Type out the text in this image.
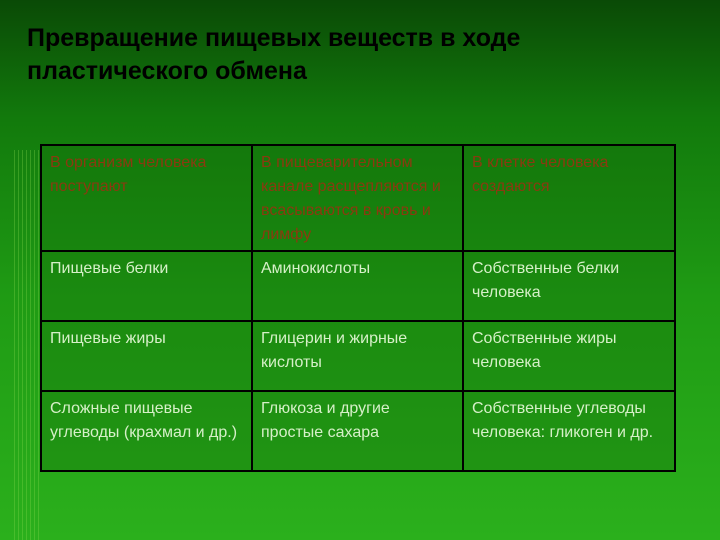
Превращение пищевых веществ в ходе пластического обмена
В организм человека поступают	В пищеварительном канале расщепляются и всасываются в кровь и лимфу	В клетке человека создаются
Пищевые белки	Аминокислоты	Собственные белки человека
Пищевые жиры	Глицерин и жирные кислоты	Собственные жиры человека
Сложные пищевые углеводы (крахмал и др.)	Глюкоза и другие простые сахара	Собственные углеводы человека: гликоген и др.
